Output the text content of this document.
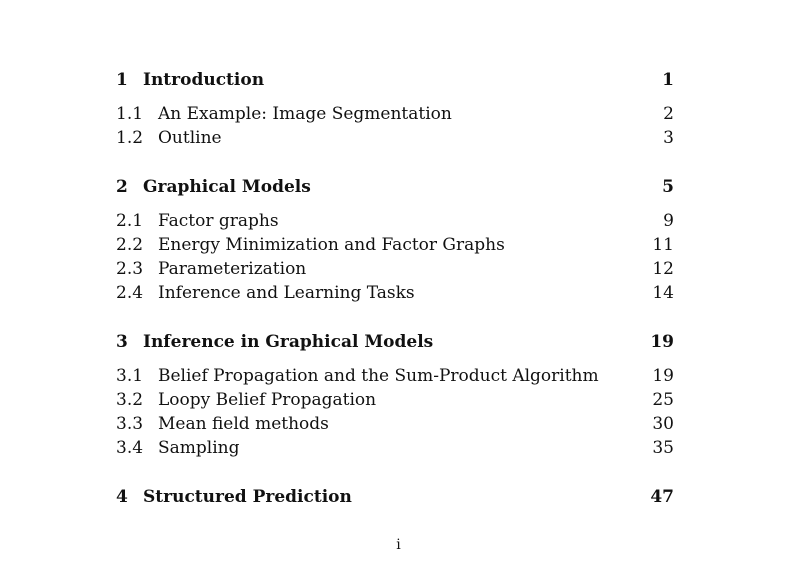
1 Introduction	1
1.1 An Example: Image Segmentation	2
1.2 Outline	3
2 Graphical Models	5
2.1 Factor graphs	9
2.2 Energy Minimization and Factor Graphs	11
2.3 Parameterization	12
2.4 Inference and Learning Tasks	14
3 Inference in Graphical Models	19
3.1 Belief Propagation and the Sum-Product Algorithm	19
3.2 Loopy Belief Propagation	25
3.3 Mean field methods	30
3.4 Sampling	35
4 Structured Prediction	47
i
